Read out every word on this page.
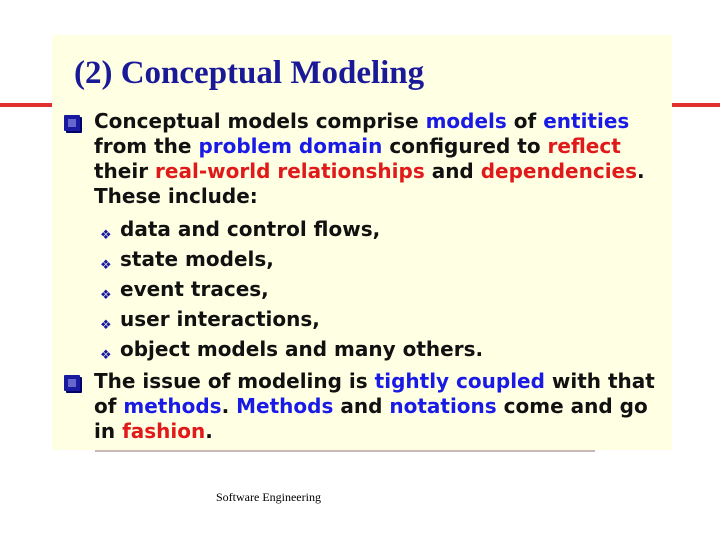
(2) Conceptual Modeling
Conceptual models comprise models of entities from the problem domain configured to reflect their real-world relationships and dependencies. These include:
❖ data and control flows,
❖ state models,
❖ event traces,
❖ user interactions,
❖ object models and many others.
The issue of modeling is tightly coupled with that of methods. Methods and notations come and go in fashion.
Software Engineering
